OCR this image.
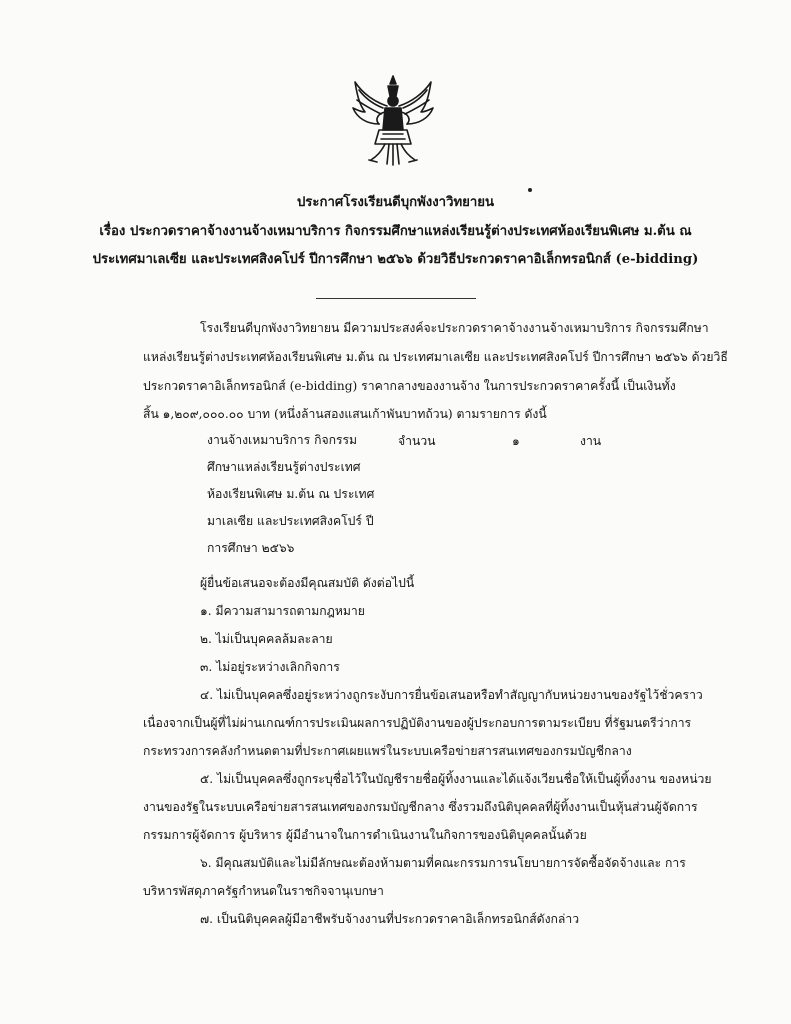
ประกาศโรงเรียนดีบุกพังงาวิทยายน
เรื่อง ประกวดราคาจ้างงานจ้างเหมาบริการ กิจกรรมศึกษาแหล่งเรียนรู้ต่างประเทศห้องเรียนพิเศษ ม.ต้น ณ
ประเทศมาเลเซีย และประเทศสิงคโปร์ ปีการศึกษา ๒๕๖๖ ด้วยวิธีประกวดราคาอิเล็กทรอนิกส์ (e-bidding)
โรงเรียนดีบุกพังงาวิทยายน มีความประสงค์จะประกวดราคาจ้างงานจ้างเหมาบริการ กิจกรรมศึกษา
แหล่งเรียนรู้ต่างประเทศห้องเรียนพิเศษ ม.ต้น ณ ประเทศมาเลเซีย และประเทศสิงคโปร์ ปีการศึกษา ๒๕๖๖ ด้วยวิธี
ประกวดราคาอิเล็กทรอนิกส์ (e-bidding) ราคากลางของงานจ้าง ในการประกวดราคาครั้งนี้ เป็นเงินทั้ง
สิ้น ๑,๒๐๙,๐๐๐.๐๐ บาท (หนึ่งล้านสองแสนเก้าพันบาทถ้วน) ตามรายการ ดังนี้
งานจ้างเหมาบริการ กิจกรรม
ศึกษาแหล่งเรียนรู้ต่างประเทศ
ห้องเรียนพิเศษ ม.ต้น ณ ประเทศ
มาเลเซีย และประเทศสิงคโปร์ ปี
การศึกษา ๒๕๖๖
จำนวน	๑	งาน
ผู้ยื่นข้อเสนอจะต้องมีคุณสมบัติ ดังต่อไปนี้
๑. มีความสามารถตามกฎหมาย
๒. ไม่เป็นบุคคลล้มละลาย
๓. ไม่อยู่ระหว่างเลิกกิจการ
๔. ไม่เป็นบุคคลซึ่งอยู่ระหว่างถูกระงับการยื่นข้อเสนอหรือทำสัญญากับหน่วยงานของรัฐไว้ชั่วคราว
เนื่องจากเป็นผู้ที่ไม่ผ่านเกณฑ์การประเมินผลการปฏิบัติงานของผู้ประกอบการตามระเบียบ ที่รัฐมนตรีว่าการ
กระทรวงการคลังกำหนดตามที่ประกาศเผยแพร่ในระบบเครือข่ายสารสนเทศของกรมบัญชีกลาง
๕. ไม่เป็นบุคคลซึ่งถูกระบุชื่อไว้ในบัญชีรายชื่อผู้ทิ้งงานและได้แจ้งเวียนชื่อให้เป็นผู้ทิ้งงาน ของหน่วย
งานของรัฐในระบบเครือข่ายสารสนเทศของกรมบัญชีกลาง ซึ่งรวมถึงนิติบุคคลที่ผู้ทิ้งงานเป็นหุ้นส่วนผู้จัดการ
กรรมการผู้จัดการ ผู้บริหาร ผู้มีอำนาจในการดำเนินงานในกิจการของนิติบุคคลนั้นด้วย
๖. มีคุณสมบัติและไม่มีลักษณะต้องห้ามตามที่คณะกรรมการนโยบายการจัดซื้อจัดจ้างและ การ
บริหารพัสดุภาครัฐกำหนดในราชกิจจานุเบกษา
๗. เป็นนิติบุคคลผู้มีอาชีพรับจ้างงานที่ประกวดราคาอิเล็กทรอนิกส์ดังกล่าว
